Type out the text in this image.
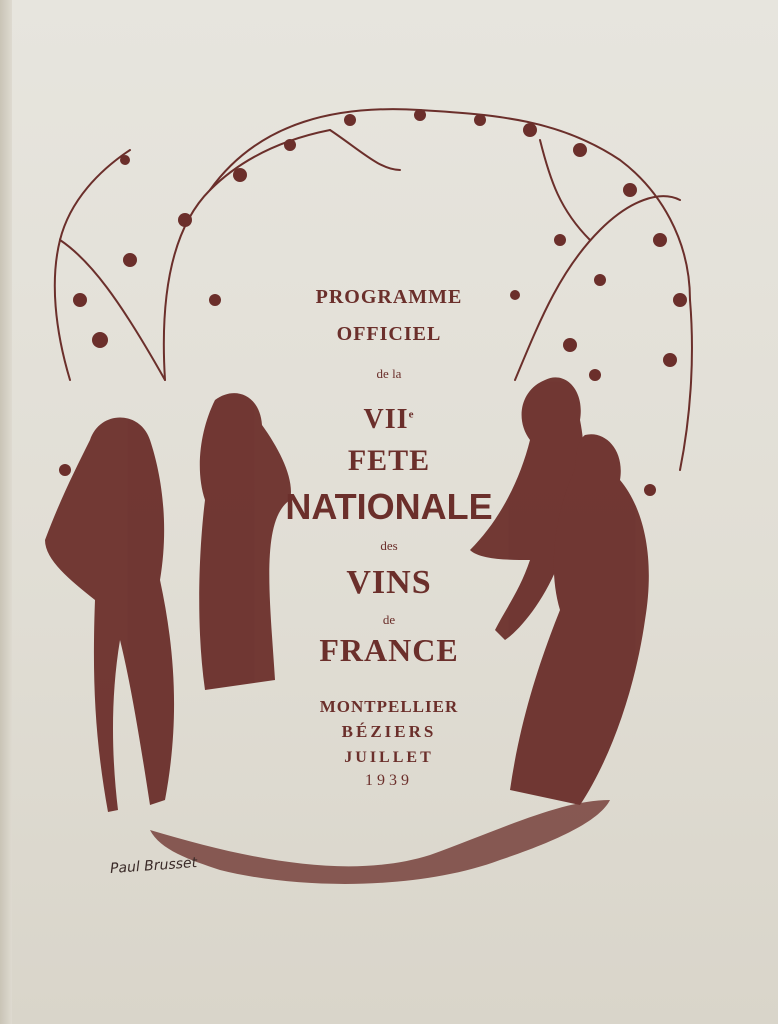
PROGRAMME
OFFICIEL
de la
VIIe
FETE
NATIONALE
des
VINS
de
FRANCE
MONTPELLIER
BÉZIERS
JUILLET
1939
Paul Brusset
